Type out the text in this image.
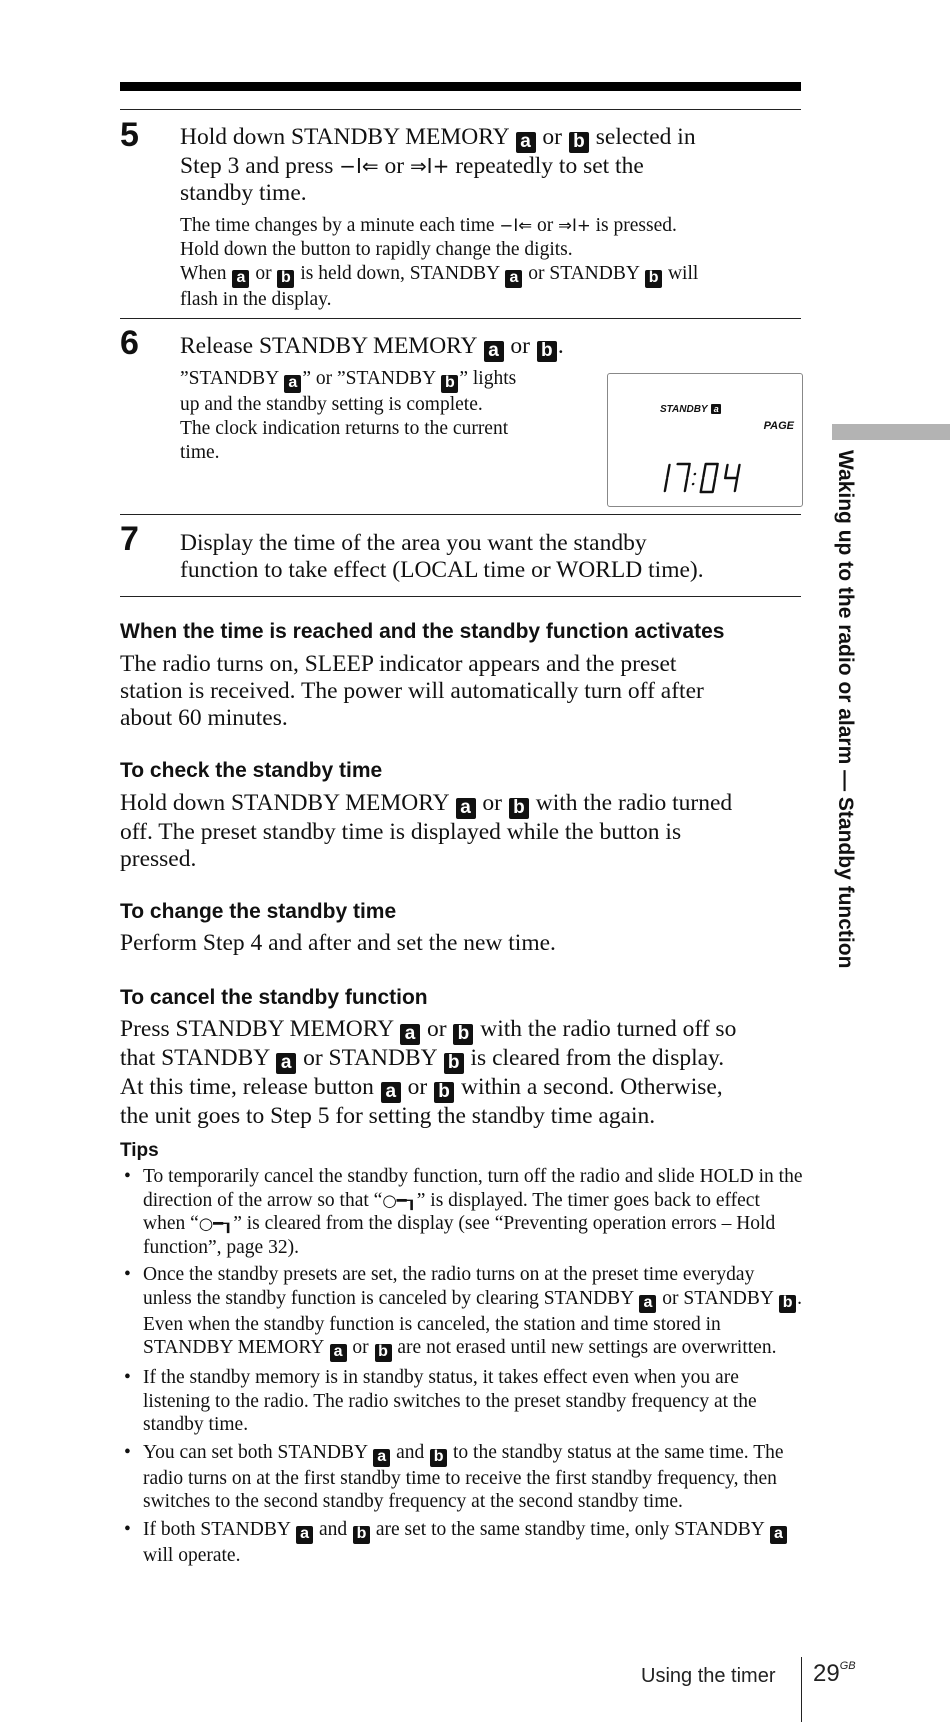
5 Hold down STANDBY MEMORY a or b selected in
Step 3 and press −I⇐ or ⇒I+ repeatedly to set the
standby time.
The time changes by a minute each time −I⇐ or ⇒I+ is pressed.
Hold down the button to rapidly change the digits.
When a or b is held down, STANDBY a or STANDBY b will
flash in the display.
6 Release STANDBY MEMORY a or b .
”STANDBY a ” or ”STANDBY b ” lights
up and the standby setting is complete.
The clock indication returns to the current
time.
STANDBY a
PAGE
7 Display the time of the area you want the standby
function to take effect (LOCAL time or WORLD time).
When the time is reached and the standby function activates
The radio turns on, SLEEP indicator appears and the preset
station is received. The power will automatically turn off after
about 60 minutes.
To check the standby time
Hold down STANDBY MEMORY a or b with the radio turned
off. The preset standby time is displayed while the button is
pressed.
To change the standby time
Perform Step 4 and after and set the new time.
To cancel the standby function
Press STANDBY MEMORY a or b with the radio turned off so
that STANDBY a or STANDBY b is cleared from the display.
At this time, release button a or b within a second. Otherwise,
the unit goes to Step 5 for setting the standby time again.
Tips
• To temporarily cancel the standby function, turn off the radio and slide HOLD in the direction of the arrow so that “○━┒” is displayed. The timer goes back to effect when “○━┒” is cleared from the display (see “Preventing operation errors – Hold function”, page 32).
• Once the standby presets are set, the radio turns on at the preset time everyday unless the standby function is canceled by clearing STANDBY a or STANDBY b . Even when the standby function is canceled, the station and time stored in STANDBY MEMORY a or b are not erased until new settings are overwritten.
• If the standby memory is in standby status, it takes effect even when you are listening to the radio. The radio switches to the preset standby frequency at the standby time.
• You can set both STANDBY a and b to the standby status at the same time. The radio turns on at the first standby time to receive the first standby frequency, then switches to the second standby frequency at the second standby time.
• If both STANDBY a and b are set to the same standby time, only STANDBY a will operate.
Waking up to the radio or alarm — Standby function
Using the timer $29^{GB}$
